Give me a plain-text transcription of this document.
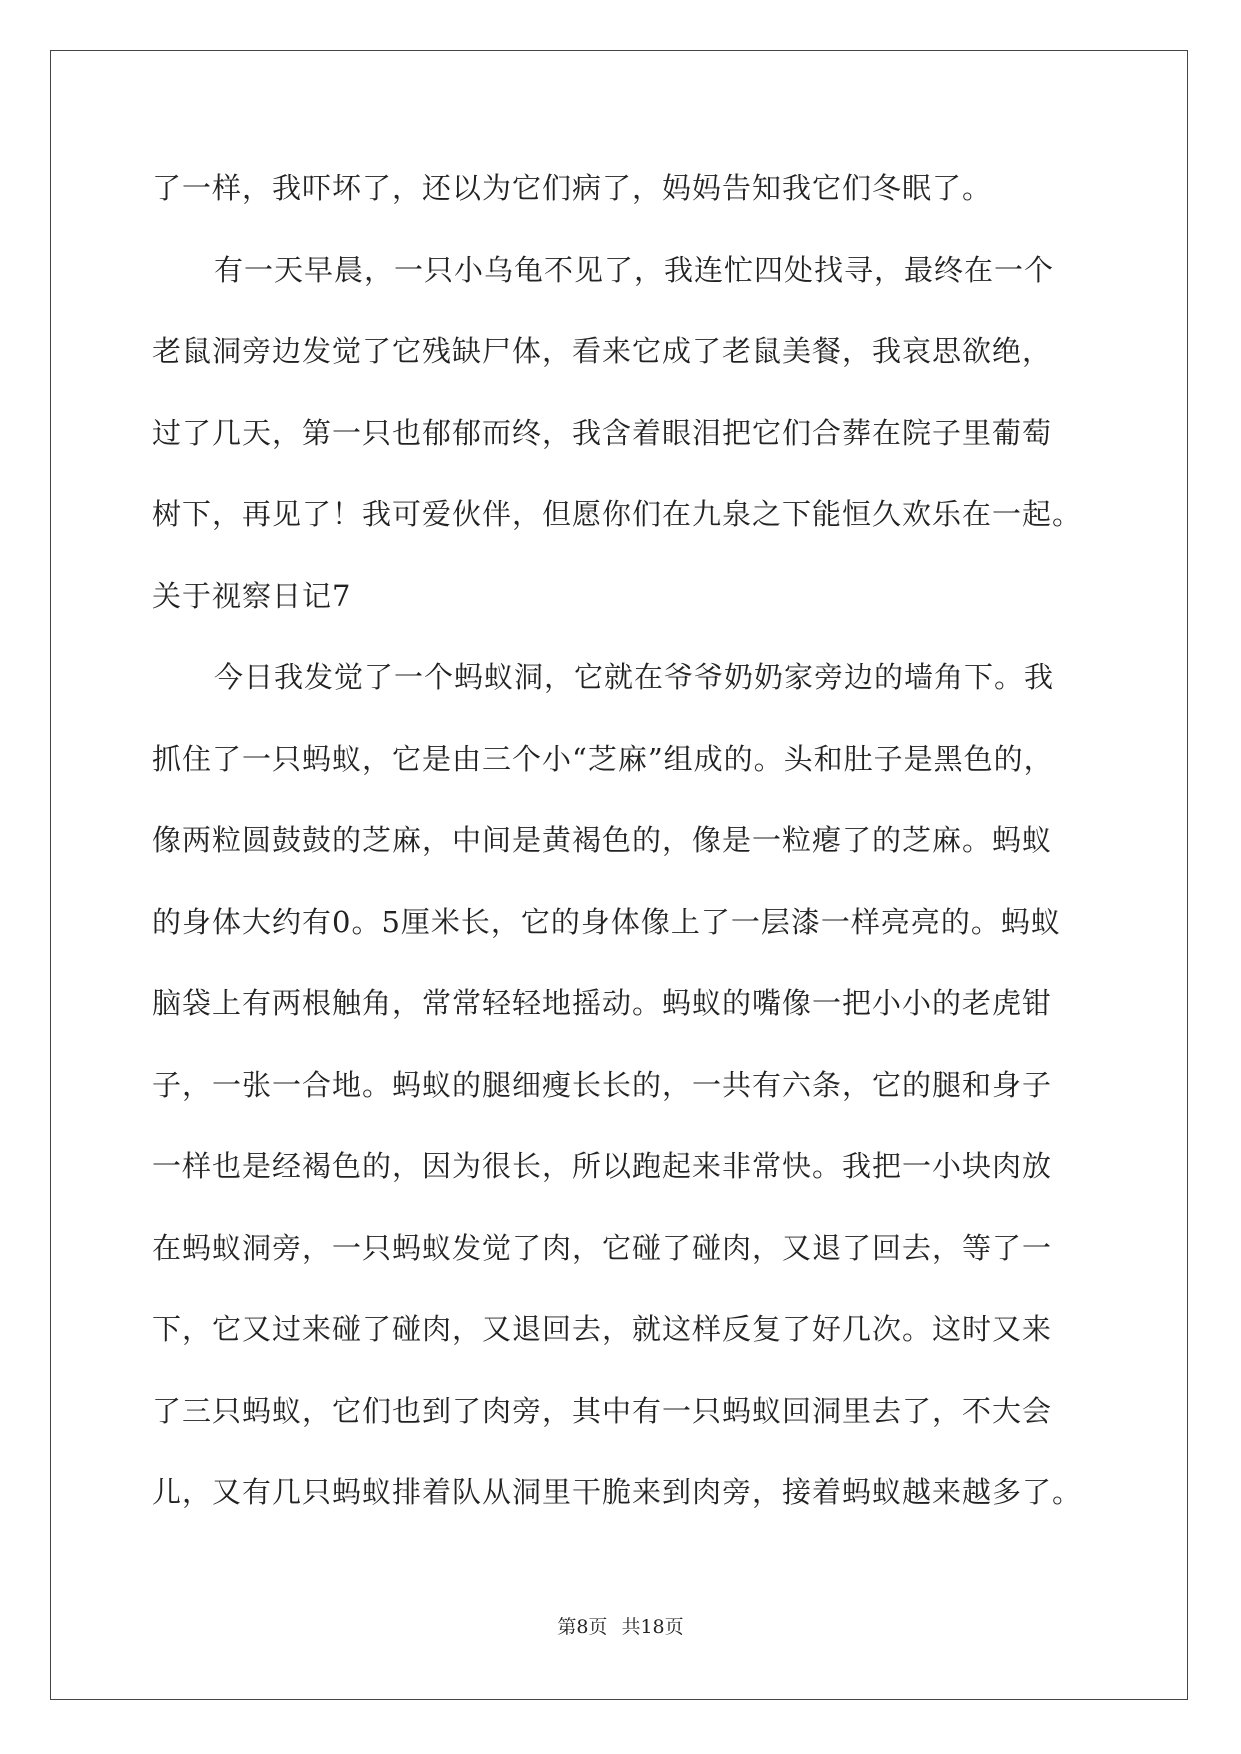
了一样，我吓坏了，还以为它们病了，妈妈告知我它们冬眠了。

有一天早晨，一只小乌龟不见了，我连忙四处找寻，最终在一个

老鼠洞旁边发觉了它残缺尸体，看来它成了老鼠美餐，我哀思欲绝，

过了几天，第一只也郁郁而终，我含着眼泪把它们合葬在院子里葡萄

树下，再见了！我可爱伙伴，但愿你们在九泉之下能恒久欢乐在一起。

关于视察日记7

今日我发觉了一个蚂蚁洞，它就在爷爷奶奶家旁边的墙角下。我

抓住了一只蚂蚁，它是由三个小“芝麻”组成的。头和肚子是黑色的，

像两粒圆鼓鼓的芝麻，中间是黄褐色的，像是一粒瘪了的芝麻。蚂蚁

的身体大约有0。5厘米长，它的身体像上了一层漆一样亮亮的。蚂蚁

脑袋上有两根触角，常常轻轻地摇动。蚂蚁的嘴像一把小小的老虎钳

子，一张一合地。蚂蚁的腿细瘦长长的，一共有六条，它的腿和身子

一样也是经褐色的，因为很长，所以跑起来非常快。我把一小块肉放

在蚂蚁洞旁，一只蚂蚁发觉了肉，它碰了碰肉，又退了回去，等了一

下，它又过来碰了碰肉，又退回去，就这样反复了好几次。这时又来

了三只蚂蚁，它们也到了肉旁，其中有一只蚂蚁回洞里去了，不大会

儿，又有几只蚂蚁排着队从洞里干脆来到肉旁，接着蚂蚁越来越多了。

第8页 共18页
